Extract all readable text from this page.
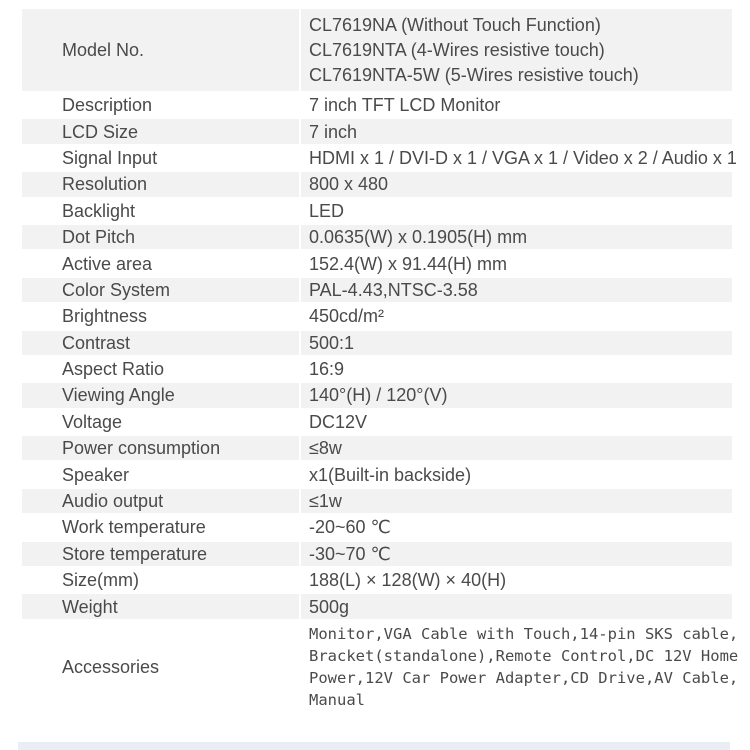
Model No.	CL7619NA (Without Touch Function)
CL7619NTA (4-Wires resistive touch)
CL7619NTA-5W (5-Wires resistive touch)

Description	7 inch TFT LCD Monitor
LCD Size	7 inch
Signal Input	HDMI x 1 / DVI-D x 1 / VGA x 1 / Video x 2 / Audio x 1
Resolution	800 x 480
Backlight	LED
Dot Pitch	0.0635(W) x 0.1905(H) mm
Active area	152.4(W) x 91.44(H) mm
Color System	PAL-4.43,NTSC-3.58
Brightness	450cd/m²
Contrast	500:1
Aspect Ratio	16:9
Viewing Angle	140°(H) / 120°(V)
Voltage	DC12V
Power consumption	≤8w
Speaker	x1(Built-in backside)
Audio output	≤1w
Work temperature	-20~60 ℃
Store temperature	-30~70 ℃
Size(mm)	188(L) × 128(W) × 40(H)
Weight	500g
Accessories	Monitor,VGA Cable with Touch,14-pin SKS cable,
Bracket(standalone),Remote Control,DC 12V Home
Power,12V Car Power Adapter,CD Drive,AV Cable,
Manual
